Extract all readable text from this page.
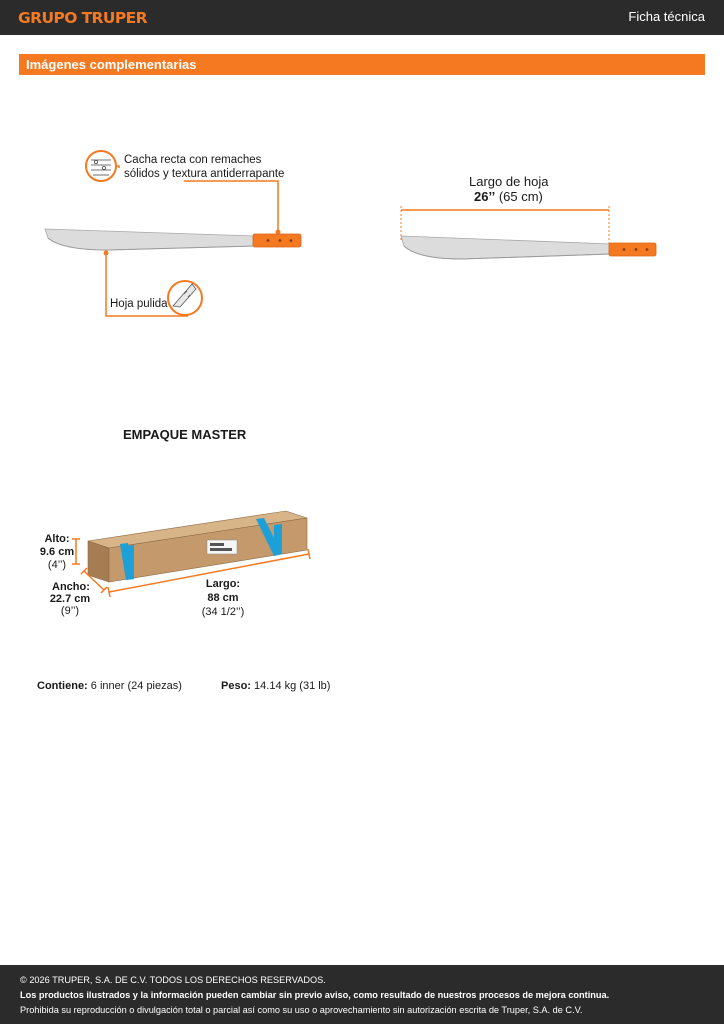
GRUPO TRUPER	Ficha técnica
Imágenes complementarias
Cacha recta con remaches
sólidos y textura antiderrapante
Hoja pulida
Largo de hoja
26’’ (65 cm)
EMPAQUE MASTER
Alto:
9.6 cm
(4’’)
Ancho:
22.7 cm
(9’’)
Largo:
88 cm
(34 1/2’’)
Contiene: 6 inner (24 piezas)	Peso: 14.14 kg (31 lb)
© 2026 TRUPER, S.A. DE C.V. TODOS LOS DERECHOS RESERVADOS.
Los productos ilustrados y la información pueden cambiar sin previo aviso, como resultado de nuestros procesos de mejora continua.
Prohibida su reproducción o divulgación total o parcial así como su uso o aprovechamiento sin autorización escrita de Truper, S.A. de C.V.
